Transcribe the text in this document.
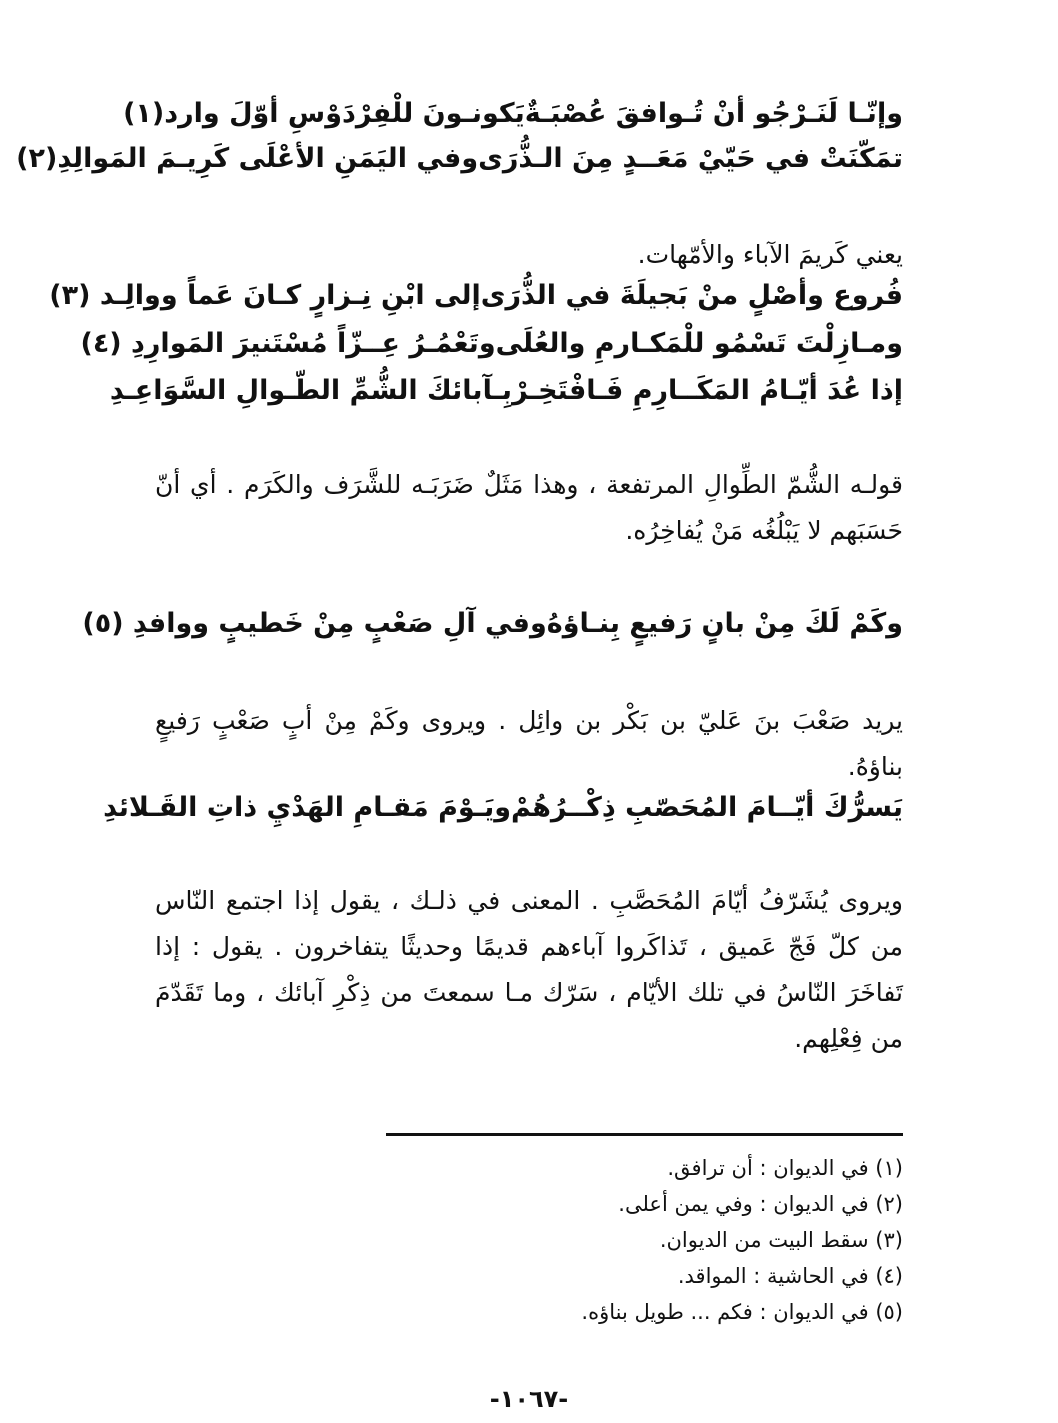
وإنّـا لَنَـرْجُو أنْ تُـوافقَ عُصْبَـةٌ
يَكونـونَ للْفِرْدَوْسِ أوّلَ وارد(١)
تمَكّنَتْ في حَيّيْ مَعَــدٍ مِنَ الـذُّرَى
وفي اليَمَنِ الأعْلَى كَرِيـمَ المَوالِدِ(٢)
يعني كَريمَ الآباء والأمّهات.
فُروع وأصْلٍ منْ بَجيلَةَ في الذُّرَى
إلى ابْنِ نِـزارٍ كـانَ عَماً ووالِـد (٣)
ومـازِلْتَ تَسْمُو للْمَكـارمِ والعُلَى
وتَعْمُـرُ عِــزّاً مُسْتَنيرَ المَوارِدِ (٤)
إذا عُدَ أيّـامُ المَكَــارِمِ فَـافْتَخِـرْ
بِـآبائكَ الشُّمِّ الطّـوالِ السَّوَاعِـدِ
قولـه الشُّمّ الطِّوالِ المرتفعة ، وهذا مَثَلٌ ضَرَبَـه للشَّرَف والكَرَم . أي أنّ حَسَبَهم لا يَبْلُغُه مَنْ يُفاخِرُه.
وكَمْ لَكَ مِنْ بانٍ رَفيعٍ بِنـاؤهُ
وفي آلِ صَعْبٍ مِنْ خَطيبٍ ووافدِ (٥)
يريد صَعْبَ بنَ عَليّ بن بَكْر بن وائِل . ويروى وكَمْ مِنْ أبٍ صَعْبٍ رَفيعٍ بناؤهُ.
يَسرُّكَ أيّــامَ المُحَصّبِ ذِكْــرُهُمْ
ويَـوْمَ مَقـامِ الهَدْيِ ذاتِ القَـلائدِ
ويروى يُشَرّفُ أيّامَ المُحَصَّبِ . المعنى في ذلـك ، يقول إذا اجتمع النّاس من كلّ فَجّ عَميق ، تَذاكَروا آباءهم قديمًا وحديثًا يتفاخرون . يقول : إذا تَفاخَرَ النّاسُ في تلك الأيّام ، سَرّك مـا سمعتَ من ذِكْرِ آبائك ، وما تَقَدّمَ من فِعْلِهم.
(١) في الديوان : أن ترافق.
(٢) في الديوان : وفي يمن أعلى.
(٣) سقط البيت من الديوان.
(٤) في الحاشية : المواقد.
(٥) في الديوان : فكم ... طويل بناؤه.
-١٠٦٧-
